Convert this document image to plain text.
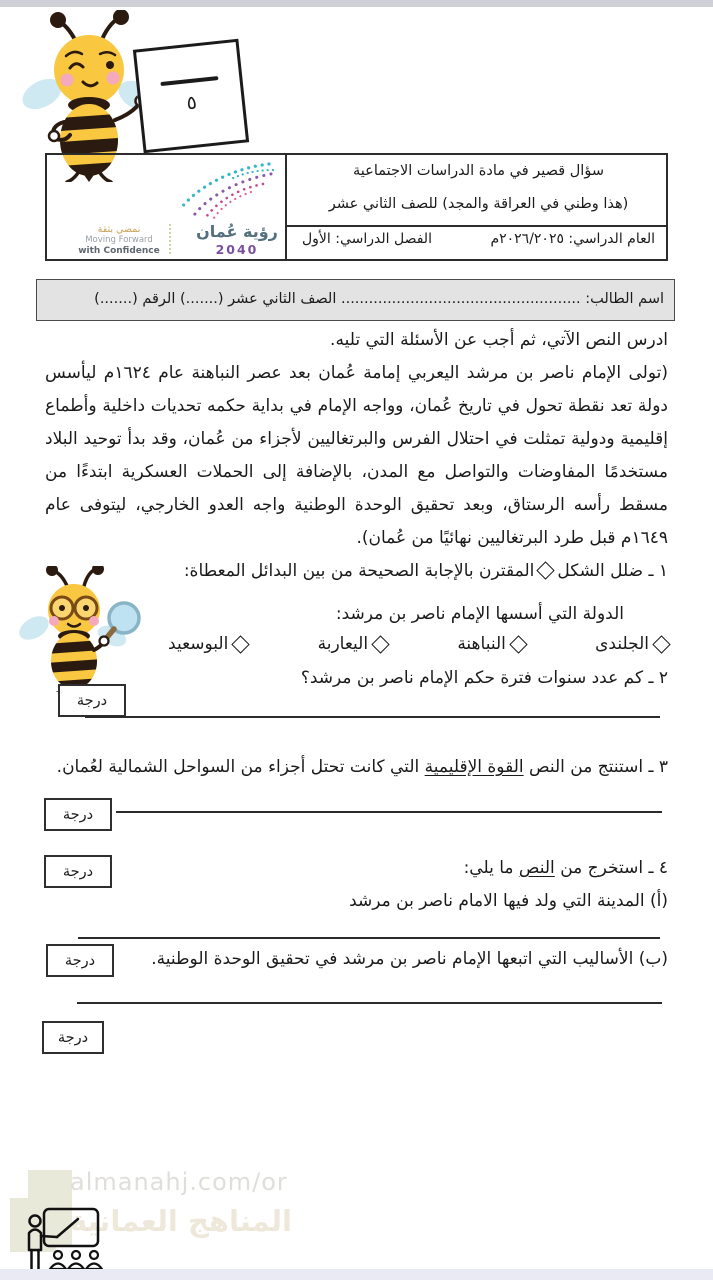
٥
سؤال قصير في مادة الدراسات الاجتماعية
(هذا وطني في العراقة والمجد) للصف الثاني عشر
العام الدراسي: ٢٠٢٦/٢٠٢٥م
الفصل الدراسي: الأول
نمضي بثقة
Moving Forward
with Confidence
رؤية عُمان
2040
اسم الطالب: .................................................... الصف الثاني عشر (.......) الرقم (.......)
ادرس النص الآتي، ثم أجب عن الأسئلة التي تليه.
(تولى الإمام ناصر بن مرشد اليعربي إمامة عُمان بعد عصر النباهنة عام ١٦٢٤م ليأسس دولة تعد نقطة تحول في تاريخ عُمان، وواجه الإمام في بداية حكمه تحديات داخلية وأطماع إقليمية ودولية تمثلت في احتلال الفرس والبرتغاليين لأجزاء من عُمان، وقد بدأ توحيد البلاد مستخدمًا المفاوضات والتواصل مع المدن، بالإضافة إلى الحملات العسكرية ابتدءًا من مسقط رأسه الرستاق، وبعد تحقيق الوحدة الوطنية واجه العدو الخارجي، ليتوفى عام ١٦٤٩م قبل طرد البرتغاليين نهائيًا من عُمان).
١ ـ ضلل الشكلالمقترن بالإجابة الصحيحة من بين البدائل المعطاة:
الدولة التي أسسها الإمام ناصر بن مرشد:
الجلندى
النباهنة
اليعاربة
البوسعيد
٢ ـ كم عدد سنوات فترة حكم الإمام ناصر بن مرشد؟
درجة
٣ ـ استنتج من النص القوة الإقليمية التي كانت تحتل أجزاء من السواحل الشمالية لعُمان.
درجة
٤ ـ استخرج من النص ما يلي:
درجة
(أ) المدينة التي ولد فيها الامام ناصر بن مرشد
(ب) الأساليب التي اتبعها الإمام ناصر بن مرشد في تحقيق الوحدة الوطنية.
درجة
درجة
almanahj.com/or
المناهج العمانية
